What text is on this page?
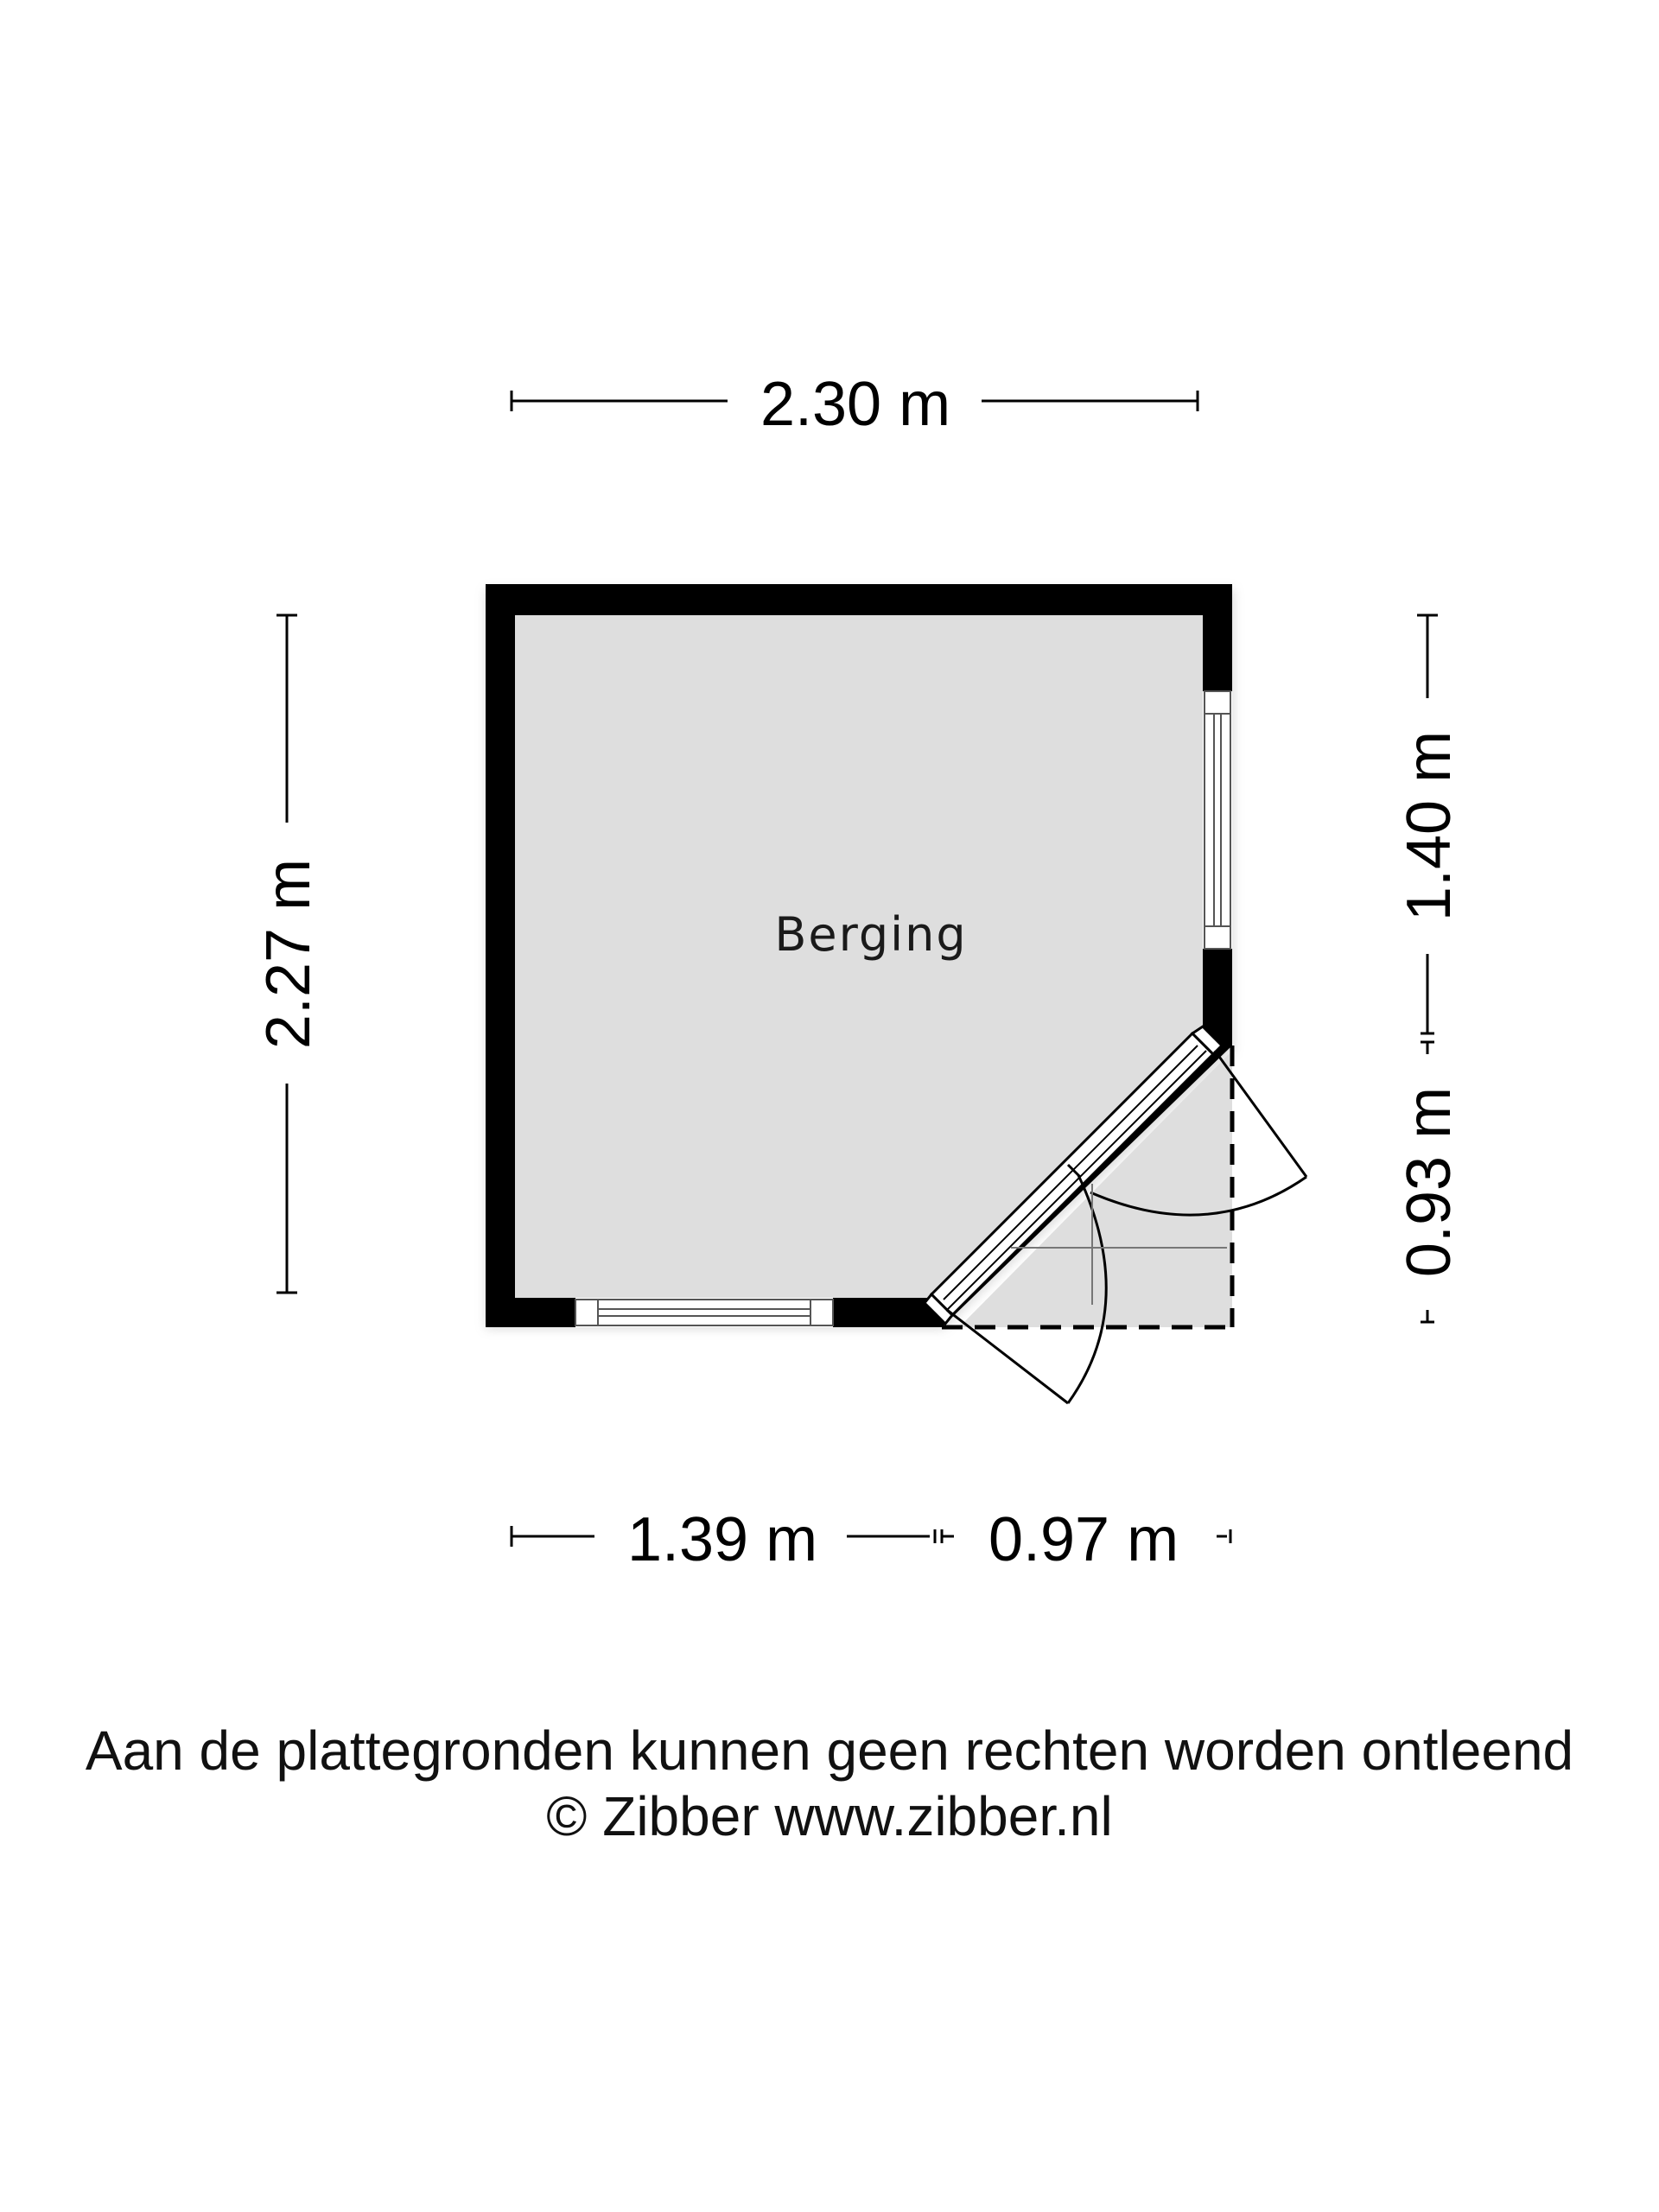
Berging
2.30 m
2.27 m
1.40 m
0.93 m
1.39 m	0.97 m
Aan de plattegronden kunnen geen rechten worden ontleend
© Zibber www.zibber.nl
